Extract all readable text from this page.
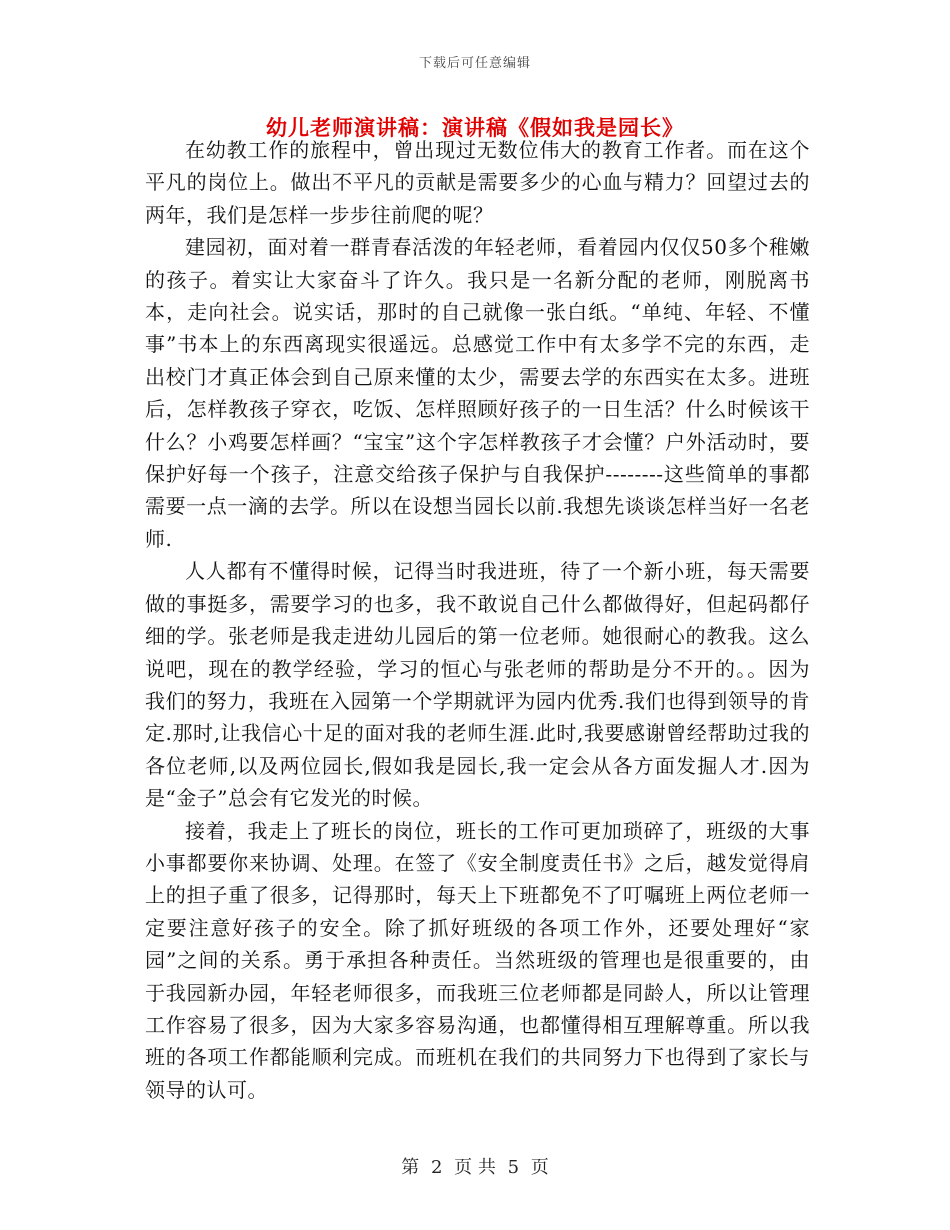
下载后可任意编辑
幼儿老师演讲稿：演讲稿《假如我是园长》

在幼教工作的旅程中，曾出现过无数位伟大的教育工作者。而在这个平凡的岗位上。做出不平凡的贡献是需要多少的心血与精力？回望过去的两年，我们是怎样一步步往前爬的呢？

建园初，面对着一群青春活泼的年轻老师，看着园内仅仅50多个稚嫩的孩子。着实让大家奋斗了许久。我只是一名新分配的老师，刚脱离书本，走向社会。说实话，那时的自己就像一张白纸。“单纯、年轻、不懂事”书本上的东西离现实很遥远。总感觉工作中有太多学不完的东西，走出校门才真正体会到自己原来懂的太少，需要去学的东西实在太多。进班后，怎样教孩子穿衣，吃饭、怎样照顾好孩子的一日生活？什么时候该干什么？小鸡要怎样画？“宝宝”这个字怎样教孩子才会懂？户外活动时，要保护好每一个孩子，注意交给孩子保护与自我保护--------这些简单的事都需要一点一滴的去学。所以在设想当园长以前.我想先谈谈怎样当好一名老师.

人人都有不懂得时候，记得当时我进班，待了一个新小班，每天需要做的事挺多，需要学习的也多，我不敢说自己什么都做得好，但起码都仔细的学。张老师是我走进幼儿园后的第一位老师。她很耐心的教我。这么说吧，现在的教学经验，学习的恒心与张老师的帮助是分不开的。。因为我们的努力，我班在入园第一个学期就评为园内优秀.我们也得到领导的肯定.那时,让我信心十足的面对我的老师生涯.此时,我要感谢曾经帮助过我的各位老师,以及两位园长,假如我是园长,我一定会从各方面发掘人才.因为是“金子”总会有它发光的时候。

接着，我走上了班长的岗位，班长的工作可更加琐碎了，班级的大事小事都要你来协调、处理。在签了《安全制度责任书》之后，越发觉得肩上的担子重了很多，记得那时，每天上下班都免不了叮嘱班上两位老师一定要注意好孩子的安全。除了抓好班级的各项工作外，还要处理好“家园”之间的关系。勇于承担各种责任。当然班级的管理也是很重要的，由于我园新办园，年轻老师很多，而我班三位老师都是同龄人，所以让管理工作容易了很多，因为大家多容易沟通，也都懂得相互理解尊重。所以我班的各项工作都能顺利完成。而班机在我们的共同努力下也得到了家长与领导的认可。

第 2 页 共 5 页
